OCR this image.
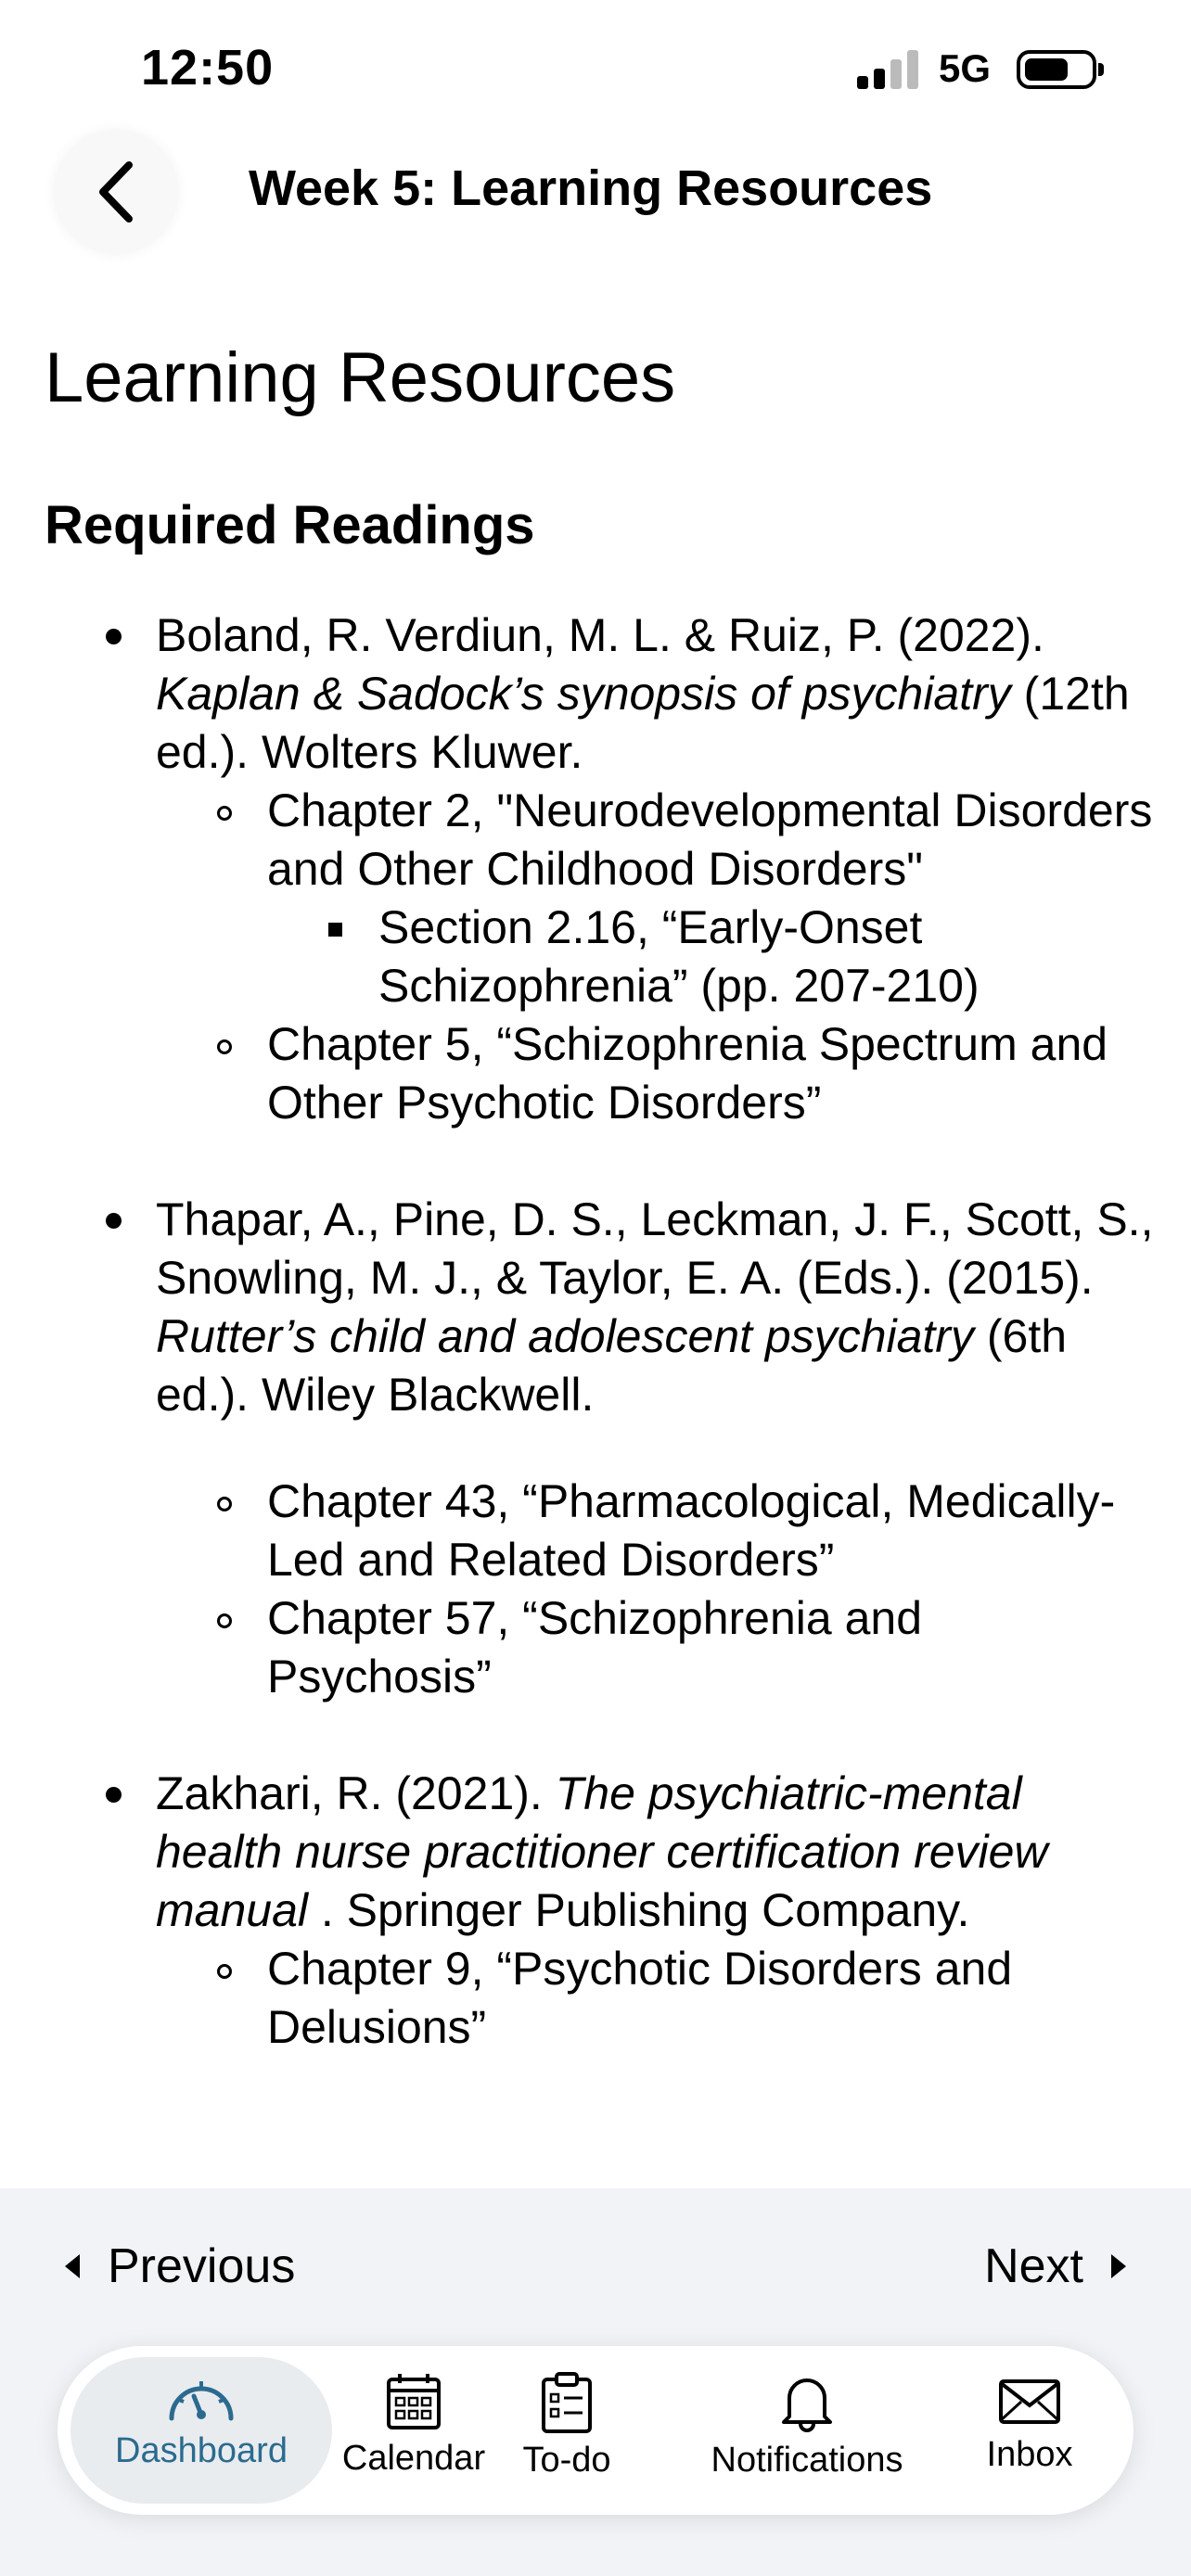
12:50	5G
Week 5: Learning Resources
Learning Resources
Required Readings
Boland, R. Verdiun, M. L. & Ruiz, P. (2022). Kaplan & Sadock’s synopsis of psychiatry (12th ed.). Wolters Kluwer.
Chapter 2, "Neurodevelopmental Disorders and Other Childhood Disorders"
Section 2.16, “Early-Onset Schizophrenia” (pp. 207-210)
Chapter 5, “Schizophrenia Spectrum and Other Psychotic Disorders”
Thapar, A., Pine, D. S., Leckman, J. F., Scott, S., Snowling, M. J., & Taylor, E. A. (Eds.). (2015). Rutter’s child and adolescent psychiatry (6th ed.). Wiley Blackwell.
Chapter 43, “Pharmacological, Medically-Led and Related Disorders”
Chapter 57, “Schizophrenia and Psychosis”
Zakhari, R. (2021). The psychiatric-mental health nurse practitioner certification review manual . Springer Publishing Company.
Chapter 9, “Psychotic Disorders and Delusions”
Previous	Next
Dashboard Calendar To-do	Notifications Inbox
